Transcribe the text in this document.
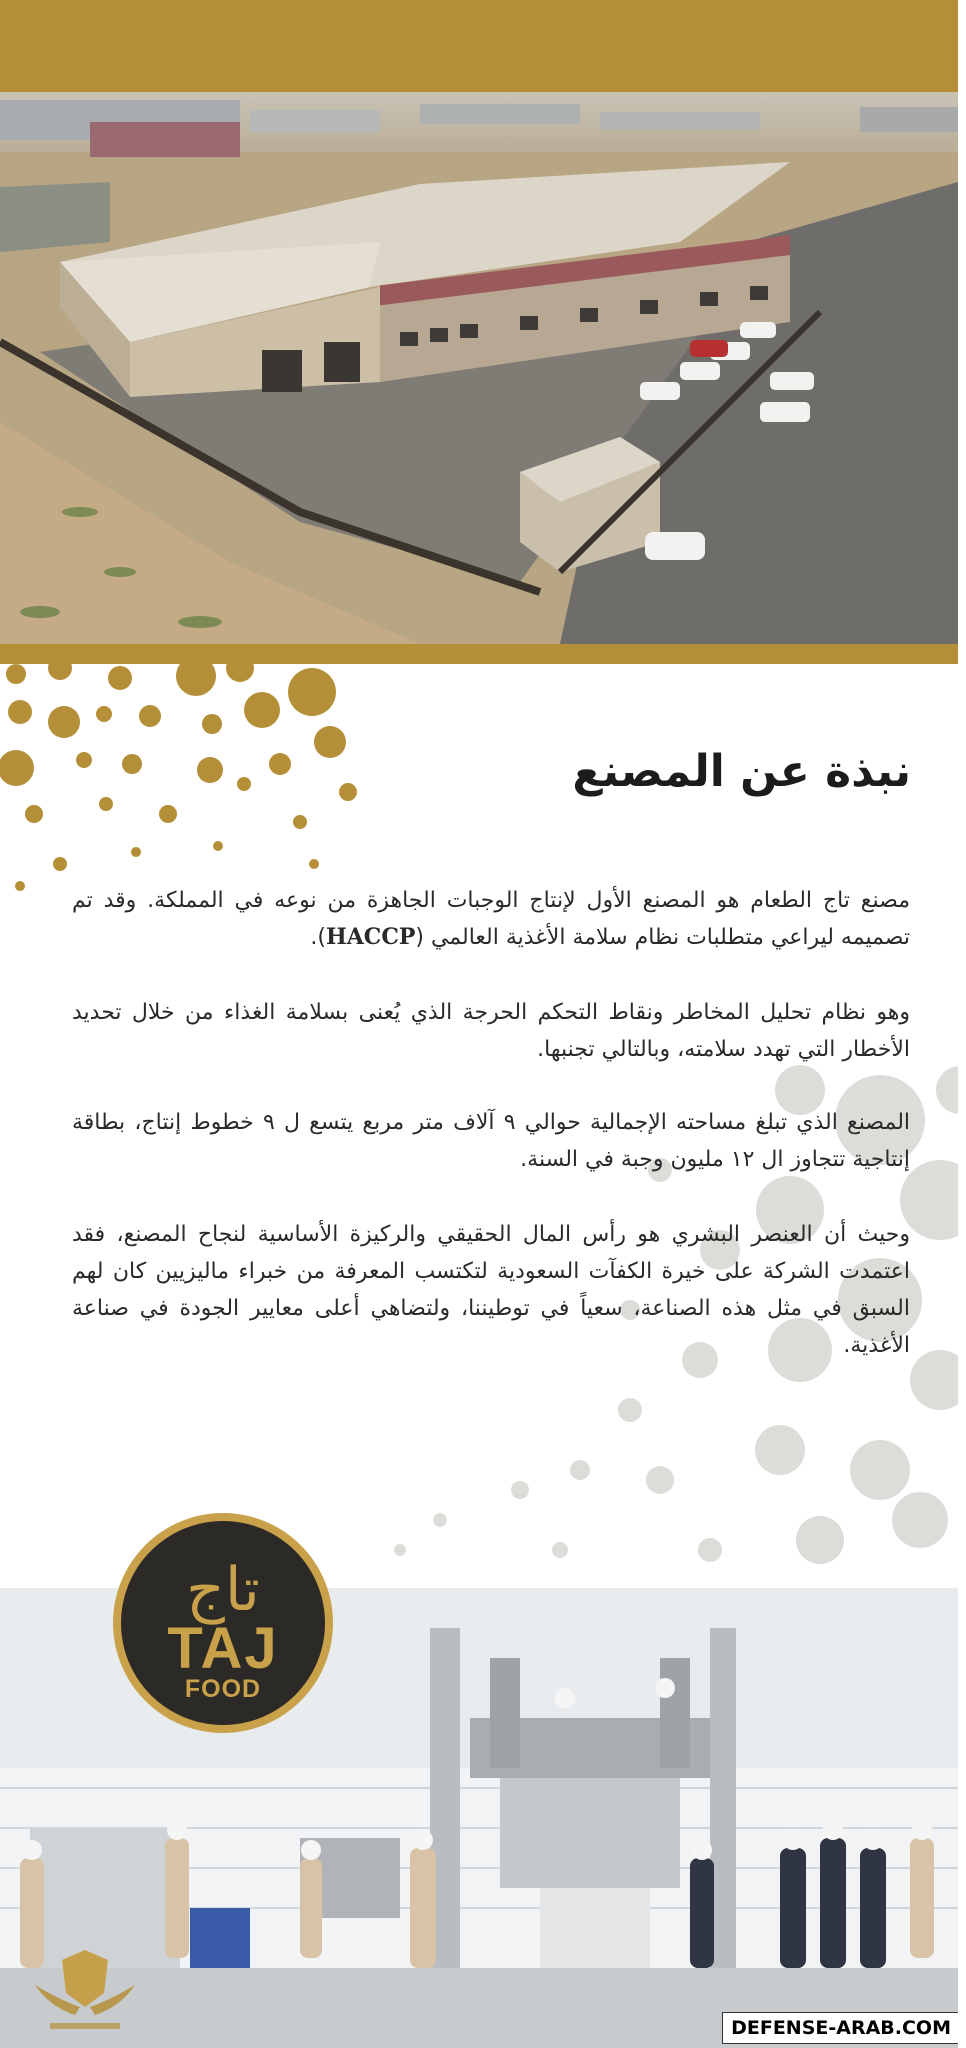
نبذة عن المصنع

مصنع تاج الطعام هو المصنع الأول لإنتاج الوجبات الجاهزة من نوعه في المملكة. وقد تم تصميمه ليراعي متطلبات نظام سلامة الأغذية العالمي (HACCP).

وهو نظام تحليل المخاطر ونقاط التحكم الحرجة الذي يُعنى بسلامة الغذاء من خلال تحديد الأخطار التي تهدد سلامته، وبالتالي تجنبها.

المصنع الذي تبلغ مساحته الإجمالية حوالي ٩ آلاف متر مربع يتسع ل ٩ خطوط إنتاج، بطاقة إنتاجية تتجاوز ال ١٢ مليون وجبة في السنة.

وحيث أن العنصر البشري هو رأس المال الحقيقي والركيزة الأساسية لنجاح المصنع، فقد اعتمدت الشركة على خيرة الكفآت السعودية لتكتسب المعرفة من خبراء ماليزيين كان لهم السبق في مثل هذه الصناعة، سعياً في توطيننا، ولتضاهي أعلى معايير الجودة في صناعة الأغذية.

تاج
TAJ
FOOD
DEFENSE-ARAB.COM
